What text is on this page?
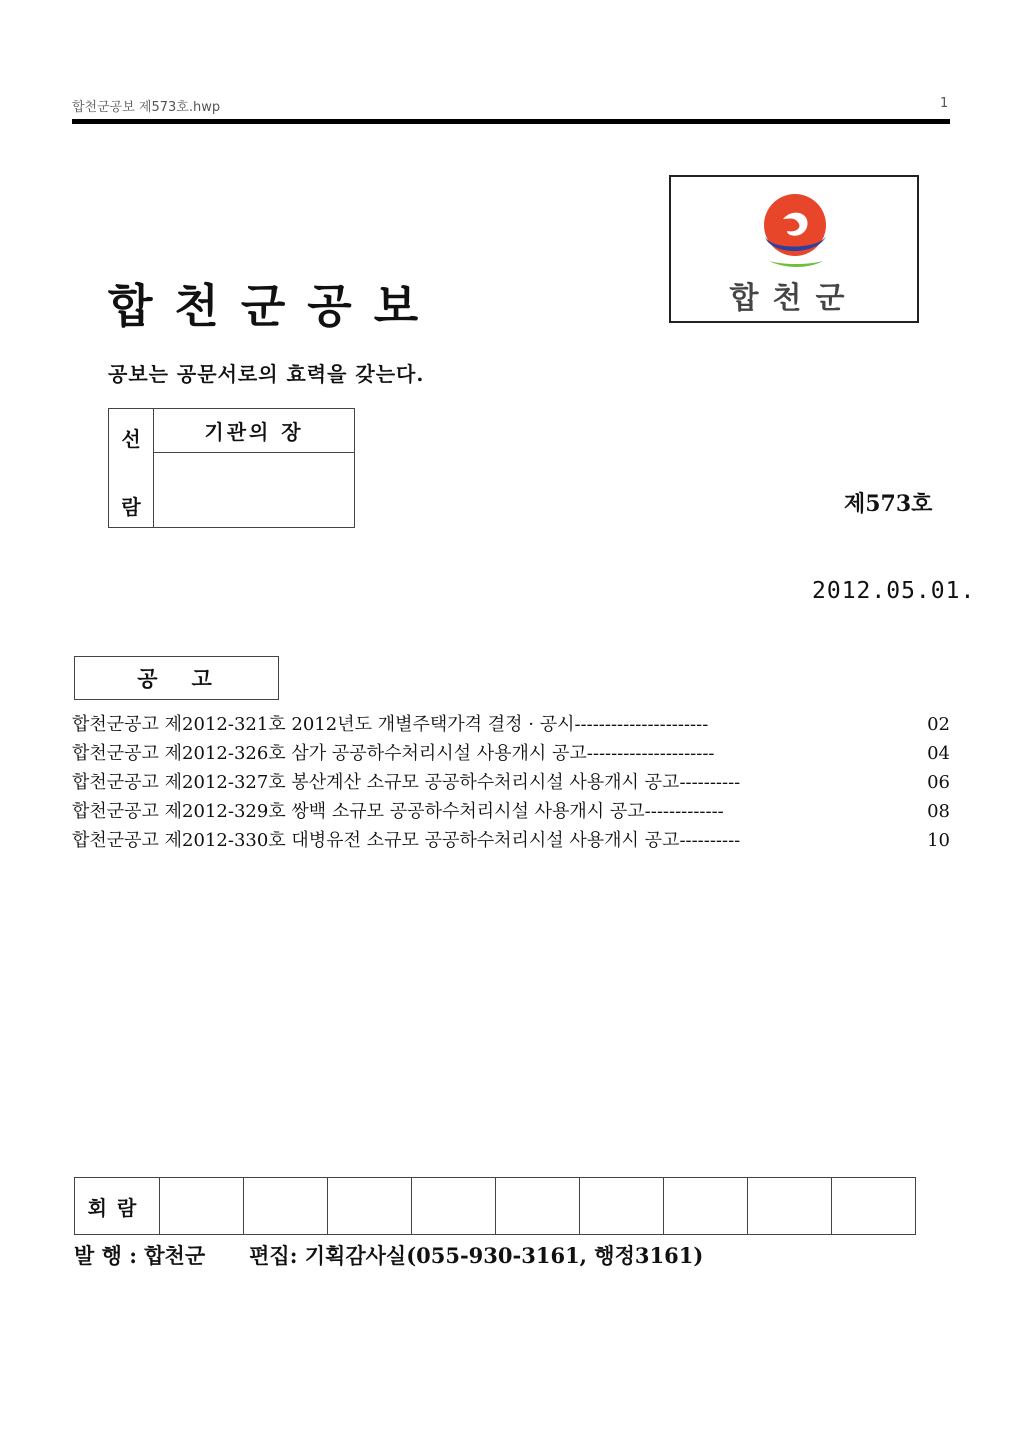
합천군공보 제573호.hwp	1
합천군
합천군공보
공보는 공문서로의 효력을 갖는다.
선
람
	기관의 장

제573호
2012.05.01.
공고
합천군공고 제2012-321호 2012년도 개별주택가격 결정 · 공시----------------------	02
합천군공고 제2012-326호 삼가 공공하수처리시설 사용개시 공고---------------------	04
합천군공고 제2012-327호 봉산계산 소규모 공공하수처리시설 사용개시 공고----------	06
합천군공고 제2012-329호 쌍백 소규모 공공하수처리시설 사용개시 공고-------------	08
합천군공고 제2012-330호 대병유전 소규모 공공하수처리시설 사용개시 공고----------	10
회람									
발 행 : 합천군 편집: 기획감사실(055-930-3161, 행정3161)
